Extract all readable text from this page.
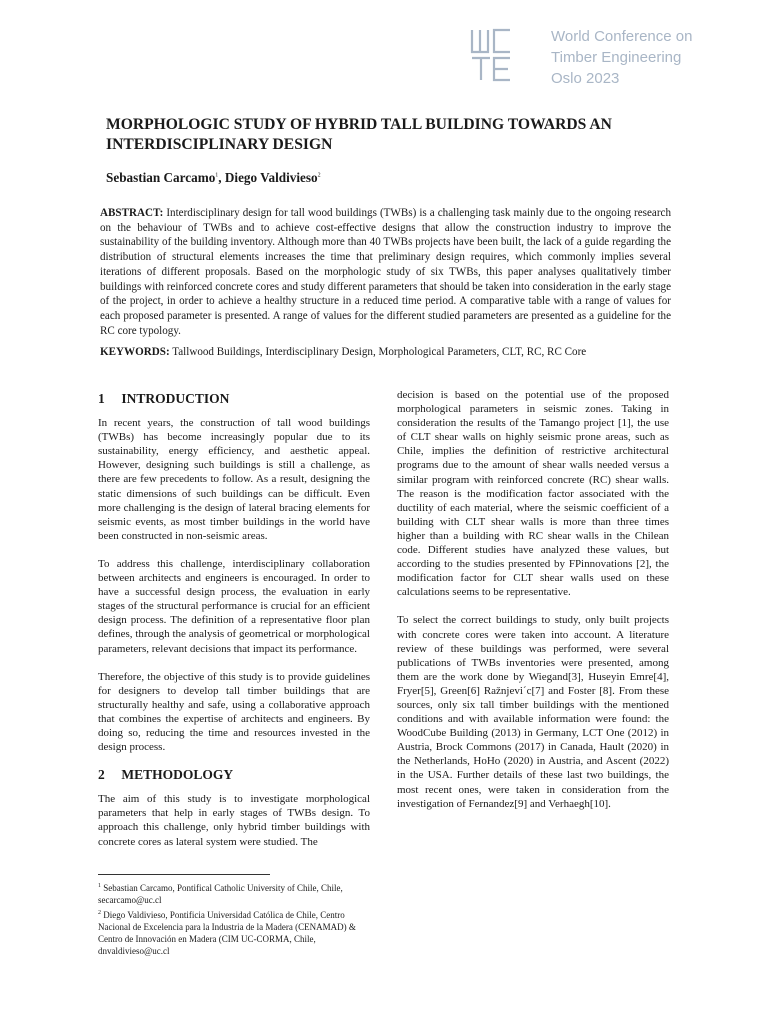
World Conference on
Timber Engineering
Oslo 2023
MORPHOLOGIC STUDY OF HYBRID TALL BUILDING TOWARDS AN
INTERDISCIPLINARY DESIGN
Sebastian Carcamo$^1$, Diego Valdivieso$^2$

ABSTRACT: Interdisciplinary design for tall wood buildings (TWBs) is a challenging task mainly due to the ongoing research on the behaviour of TWBs and to achieve cost-effective designs that allow the construction industry to improve the sustainability of the building inventory. Although more than 40 TWBs projects have been built, the lack of a guide regarding the distribution of structural elements increases the time that preliminary design requires, which commonly implies several iterations of different proposals. Based on the morphologic study of six TWBs, this paper analyses qualitatively timber buildings with reinforced concrete cores and study different parameters that should be taken into consideration in the early stage of the project, in order to achieve a healthy structure in a reduced time period. A comparative table with a range of values for each proposed parameter is presented. A range of values for the different studied parameters are presented as a guideline for the RC core typology.

KEYWORDS: Tallwood Buildings, Interdisciplinary Design, Morphological Parameters, CLT, RC, RC Core

1 INTRODUCTION

In recent years, the construction of tall wood buildings (TWBs) has become increasingly popular due to its sustainability, energy efficiency, and aesthetic appeal. However, designing such buildings is still a challenge, as there are few precedents to follow. As a result, designing the static dimensions of such buildings can be difficult. Even more challenging is the design of lateral bracing elements for seismic events, as most timber buildings in the world have been constructed in non-seismic areas.

To address this challenge, interdisciplinary collaboration between architects and engineers is encouraged. In order to have a successful design process, the evaluation in early stages of the structural performance is crucial for an efficient design process. The definition of a representative floor plan defines, through the analysis of geometrical or morphological parameters, relevant decisions that impact its performance.

Therefore, the objective of this study is to provide guidelines for designers to develop tall timber buildings that are structurally healthy and safe, using a collaborative approach that combines the expertise of architects and engineers. By doing so, reducing the time and resources invested in the design process.

2 METHODOLOGY

The aim of this study is to investigate morphological parameters that help in early stages of TWBs design. To approach this challenge, only hybrid timber buildings with concrete cores as lateral system were studied. The

decision is based on the potential use of the proposed morphological parameters in seismic zones. Taking in consideration the results of the Tamango project [1], the use of CLT shear walls on highly seismic prone areas, such as Chile, implies the definition of restrictive architectural programs due to the amount of shear walls needed versus a similar program with reinforced concrete (RC) shear walls. The reason is the modification factor associated with the ductility of each material, where the seismic coefficient of a building with CLT shear walls is more than three times higher than a building with RC shear walls in the Chilean code. Different studies have analyzed these values, but according to the studies presented by FPinnovations [2], the modification factor for CLT shear walls used on these calculations seems to be representative.

To select the correct buildings to study, only built projects with concrete cores were taken into account. A literature review of these buildings was performed, were several publications of TWBs inventories were presented, among them are the work done by Wiegand[3], Huseyin Emre[4], Fryer[5], Green[6] Ražnjevi´c[7] and Foster [8]. From these sources, only six tall timber buildings with the mentioned conditions and with available information were found: the WoodCube Building (2013) in Germany, LCT One (2012) in Austria, Brock Commons (2017) in Canada, Hault (2020) in the Netherlands, HoHo (2020) in Austria, and Ascent (2022) in the USA. Further details of these last two buildings, the most recent ones, were taken in consideration from the investigation of Fernandez[9] and Verhaegh[10].

$^1$ Sebastian Carcamo, Pontifical Catholic University of Chile, Chile, secarcamo@uc.cl

$^2$ Diego Valdivieso, Pontificia Universidad Católica de Chile, Centro Nacional de Excelencia para la Industria de la Madera (CENAMAD) & Centro de Innovación en Madera (CIM UC-CORMA, Chile, dnvaldivieso@uc.cl
